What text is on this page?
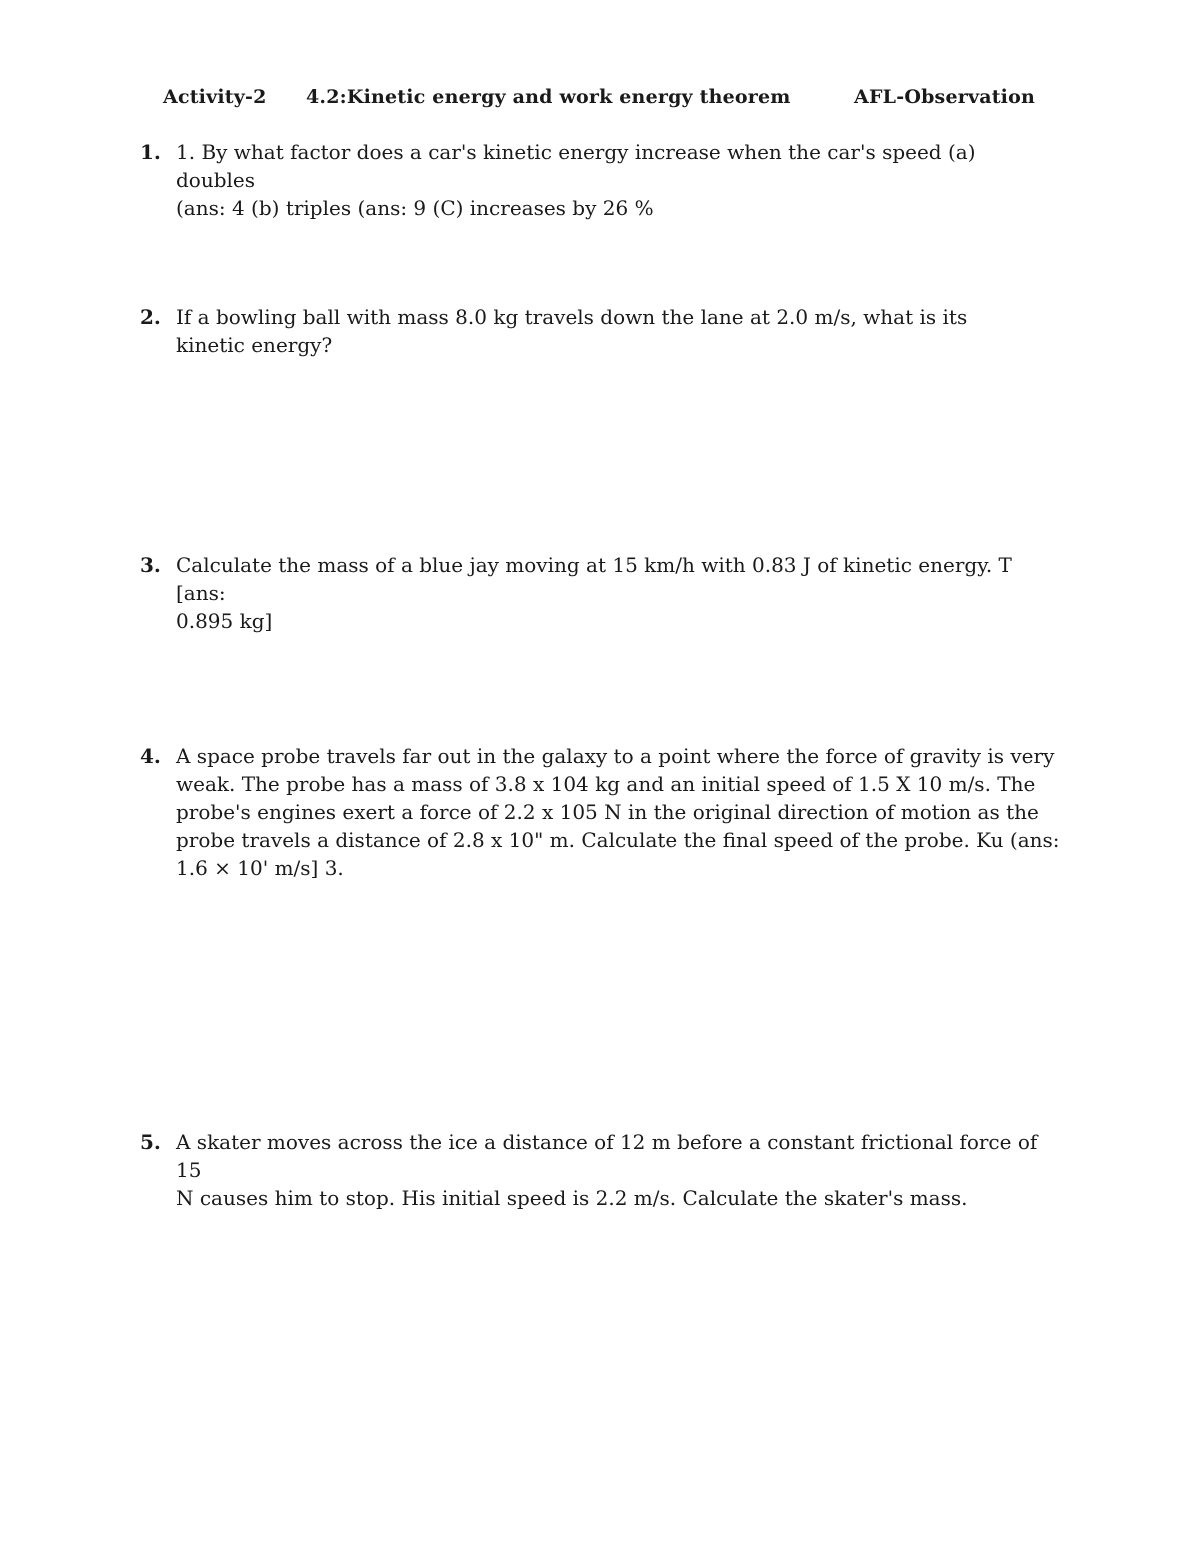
Activity-2 4.2:Kinetic energy and work energy theorem	AFL-Observation
1. 1. By what factor does a car's kinetic energy increase when the car's speed (a) doubles
(ans: 4 (b) triples (ans: 9 (C) increases by 26 %
2. If a bowling ball with mass 8.0 kg travels down the lane at 2.0 m/s, what is its
kinetic energy?
3. Calculate the mass of a blue jay moving at 15 km/h with 0.83 J of kinetic energy. T [ans:
0.895 kg]
4. A space probe travels far out in the galaxy to a point where the force of gravity is very
weak. The probe has a mass of 3.8 x 104 kg and an initial speed of 1.5 X 10 m/s. The
probe's engines exert a force of 2.2 x 105 N in the original direction of motion as the
probe travels a distance of 2.8 x 10" m. Calculate the final speed of the probe. Ku (ans:
1.6 × 10' m/s] 3.
5. A skater moves across the ice a distance of 12 m before a constant frictional force of 15
N causes him to stop. His initial speed is 2.2 m/s. Calculate the skater's mass.
